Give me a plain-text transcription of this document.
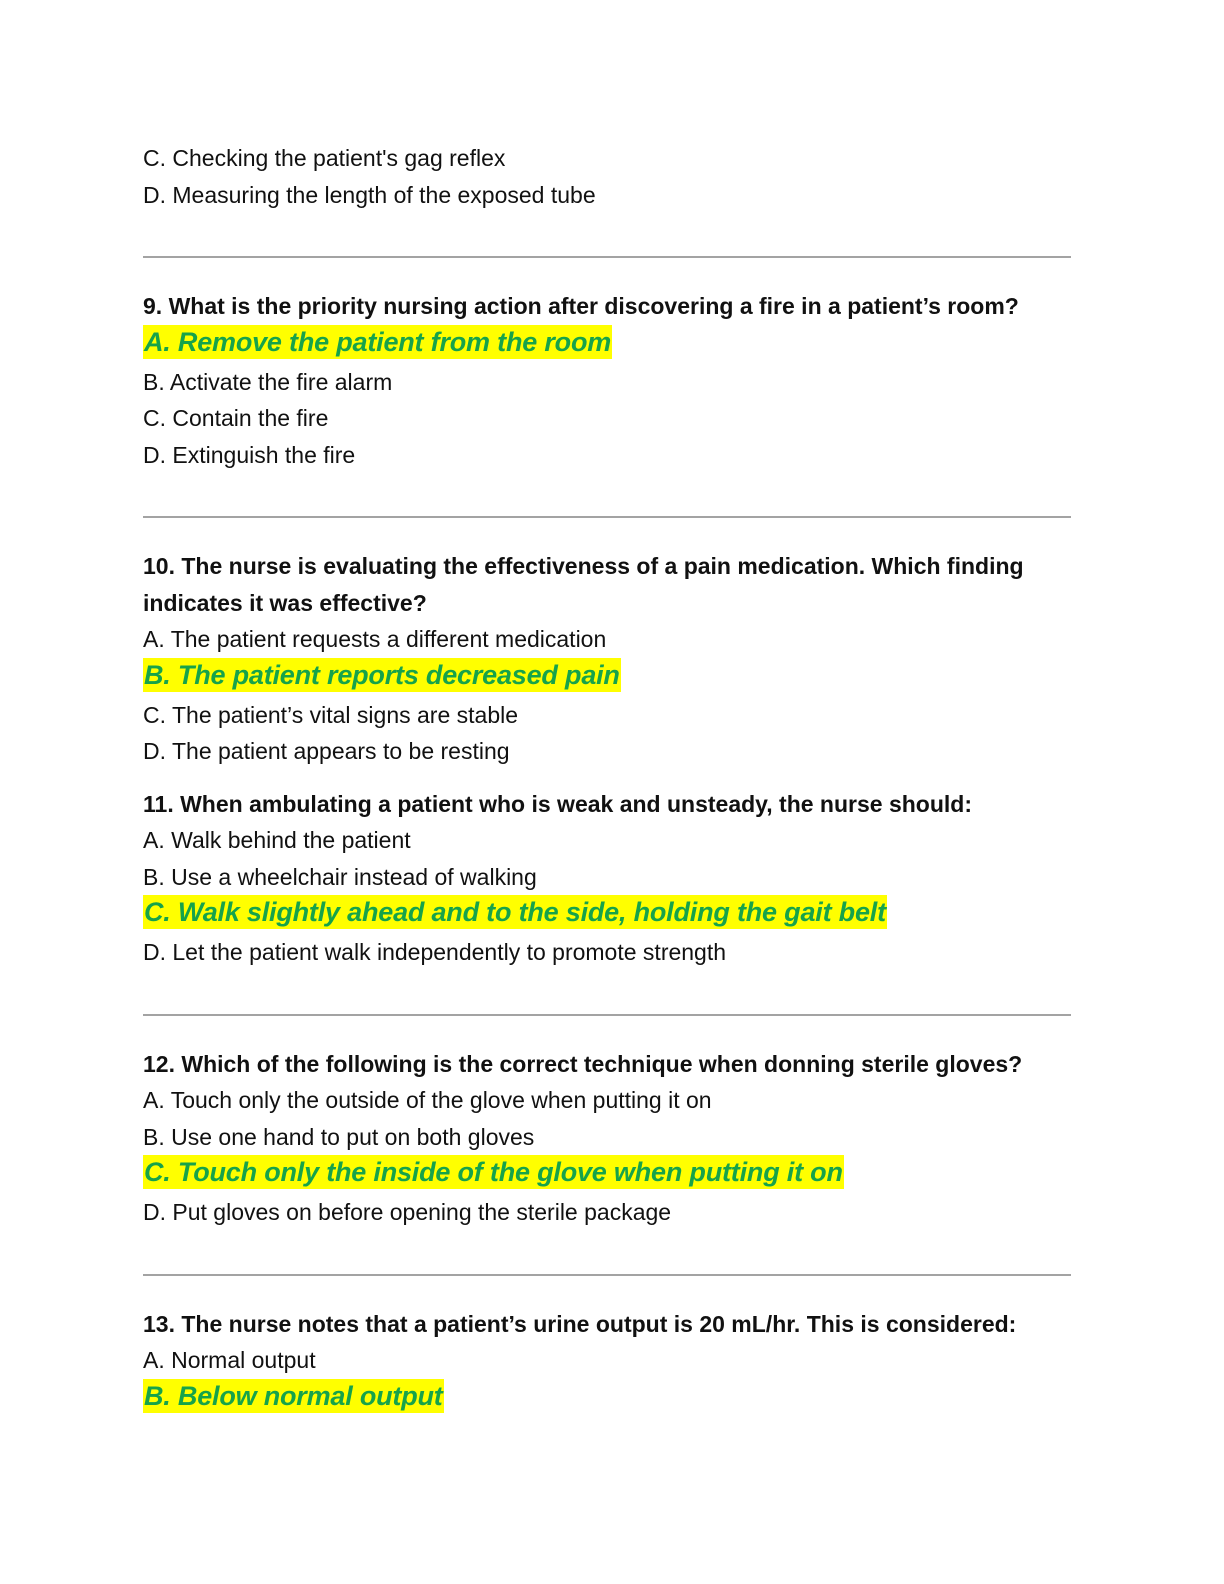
C. Checking the patient's gag reflex
D. Measuring the length of the exposed tube
9. What is the priority nursing action after discovering a fire in a patient’s room?
A. Remove the patient from the room
B. Activate the fire alarm
C. Contain the fire
D. Extinguish the fire
10. The nurse is evaluating the effectiveness of a pain medication. Which finding indicates it was effective?
A. The patient requests a different medication
B. The patient reports decreased pain
C. The patient’s vital signs are stable
D. The patient appears to be resting
11. When ambulating a patient who is weak and unsteady, the nurse should:
A. Walk behind the patient
B. Use a wheelchair instead of walking
C. Walk slightly ahead and to the side, holding the gait belt
D. Let the patient walk independently to promote strength
12. Which of the following is the correct technique when donning sterile gloves?
A. Touch only the outside of the glove when putting it on
B. Use one hand to put on both gloves
C. Touch only the inside of the glove when putting it on
D. Put gloves on before opening the sterile package
13. The nurse notes that a patient’s urine output is 20 mL/hr. This is considered:
A. Normal output
B. Below normal output
